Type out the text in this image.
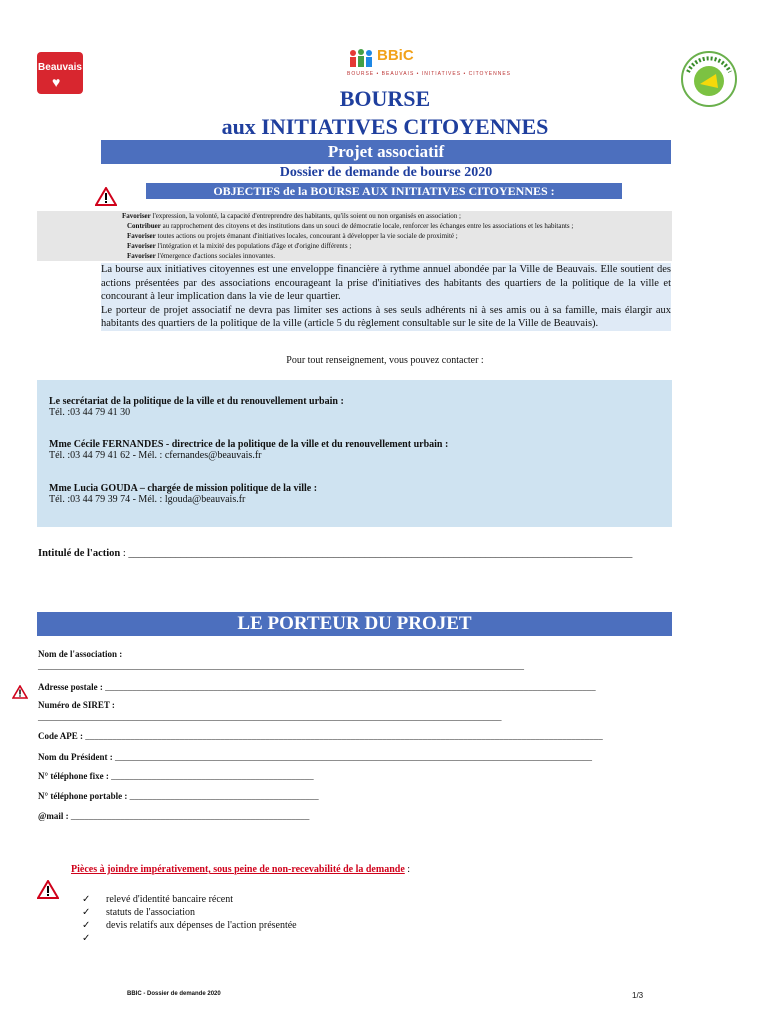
Beauvais
♥
BBiC
BOURSE • BEAUVAIS • INITIATIVES • CITOYENNES
BOURSE
aux INITIATIVES CITOYENNES
Projet associatif
Dossier de demande de bourse 2020
OBJECTIFS de la BOURSE AUX INITIATIVES CITOYENNES :
Favoriser l'expression, la volonté, la capacité d'entreprendre des habitants, qu'ils soient ou non organisés en association ;
Contribuer au rapprochement des citoyens et des institutions dans un souci de démocratie locale, renforcer les échanges entre les associations et les habitants ;
Favoriser toutes actions ou projets émanant d'initiatives locales, concourant à développer la vie sociale de proximité ;
Favoriser l'intégration et la mixité des populations d'âge et d'origine différents ;
Favoriser l'émergence d'actions sociales innovantes.
La bourse aux initiatives citoyennes est une enveloppe financière à rythme annuel abondée par la Ville de Beauvais. Elle soutient des actions présentées par des associations encourageant la prise d'initiatives des habitants des quartiers de la politique de la ville et concourant à leur implication dans la vie de leur quartier.
Le porteur de projet associatif ne devra pas limiter ses actions à ses seuls adhérents ni à ses amis ou à sa famille, mais élargir aux habitants des quartiers de la politique de la ville (article 5 du règlement consultable sur le site de la Ville de Beauvais).
Pour tout renseignement, vous pouvez contacter :
Le secrétariat de la politique de la ville et du renouvellement urbain :
Tél. :03 44 79 41 30
Mme Cécile FERNANDES - directrice de la politique de la ville et du renouvellement urbain :
Tél. :03 44 79 41 62 - Mél. : cfernandes@beauvais.fr
Mme Lucia GOUDA – chargée de mission politique de la ville :
Tél. :03 44 79 39 74 - Mél. : lgouda@beauvais.fr
Intitulé de l'action : ________________________________________________________________________________________________
LE PORTEUR DU PROJET
Nom de l'association :
____________________________________________________________________________________________________________
Adresse postale : _____________________________________________________________________________________________________________
Numéro de SIRET :
_______________________________________________________________________________________________________
Code APE : ___________________________________________________________________________________________________________________
Nom du Président : __________________________________________________________________________________________________________
N° téléphone fixe : _____________________________________________
N° téléphone portable : __________________________________________
@mail : _____________________________________________________
Pièces à joindre impérativement, sous peine de non-recevabilité de la demande :
✓ relevé d'identité bancaire récent
✓ statuts de l'association
✓ devis relatifs aux dépenses de l'action présentée
✓
BBIC - Dossier de demande 2020	1/3
